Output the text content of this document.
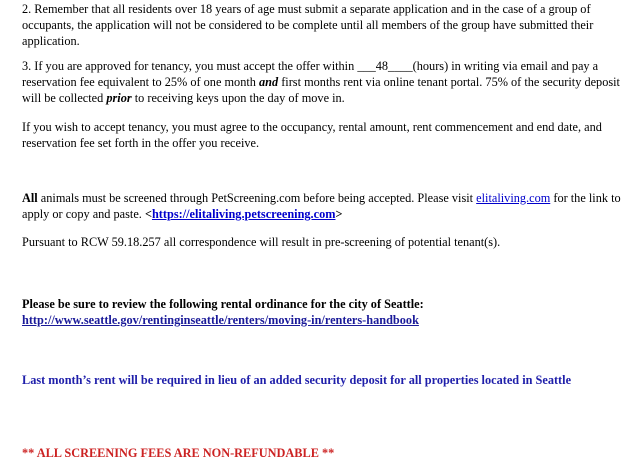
2. Remember that all residents over 18 years of age must submit a separate application and in the case of a group of occupants, the application will not be considered to be complete until all members of the group have submitted their application.

3. If you are approved for tenancy, you must accept the offer within ___48____(hours) in writing via email and pay a reservation fee equivalent to 25% of one month and first months rent via online tenant portal. 75% of the security deposit will be collected prior to receiving keys upon the day of move in.

If you wish to accept tenancy, you must agree to the occupancy, rental amount, rent commencement and end date, and reservation fee set forth in the offer you receive.

All animals must be screened through PetScreening.com before being accepted. Please visit elitaliving.com for the link to apply or copy and paste. <https://elitaliving.petscreening.com>

Pursuant to RCW 59.18.257 all correspondence will result in pre-screening of potential tenant(s).

Please be sure to review the following rental ordinance for the city of Seattle:
http://www.seattle.gov/rentinginseattle/renters/moving-in/renters-handbook

Last month’s rent will be required in lieu of an added security deposit for all properties located in Seattle

** ALL SCREENING FEES ARE NON-REFUNDABLE **
